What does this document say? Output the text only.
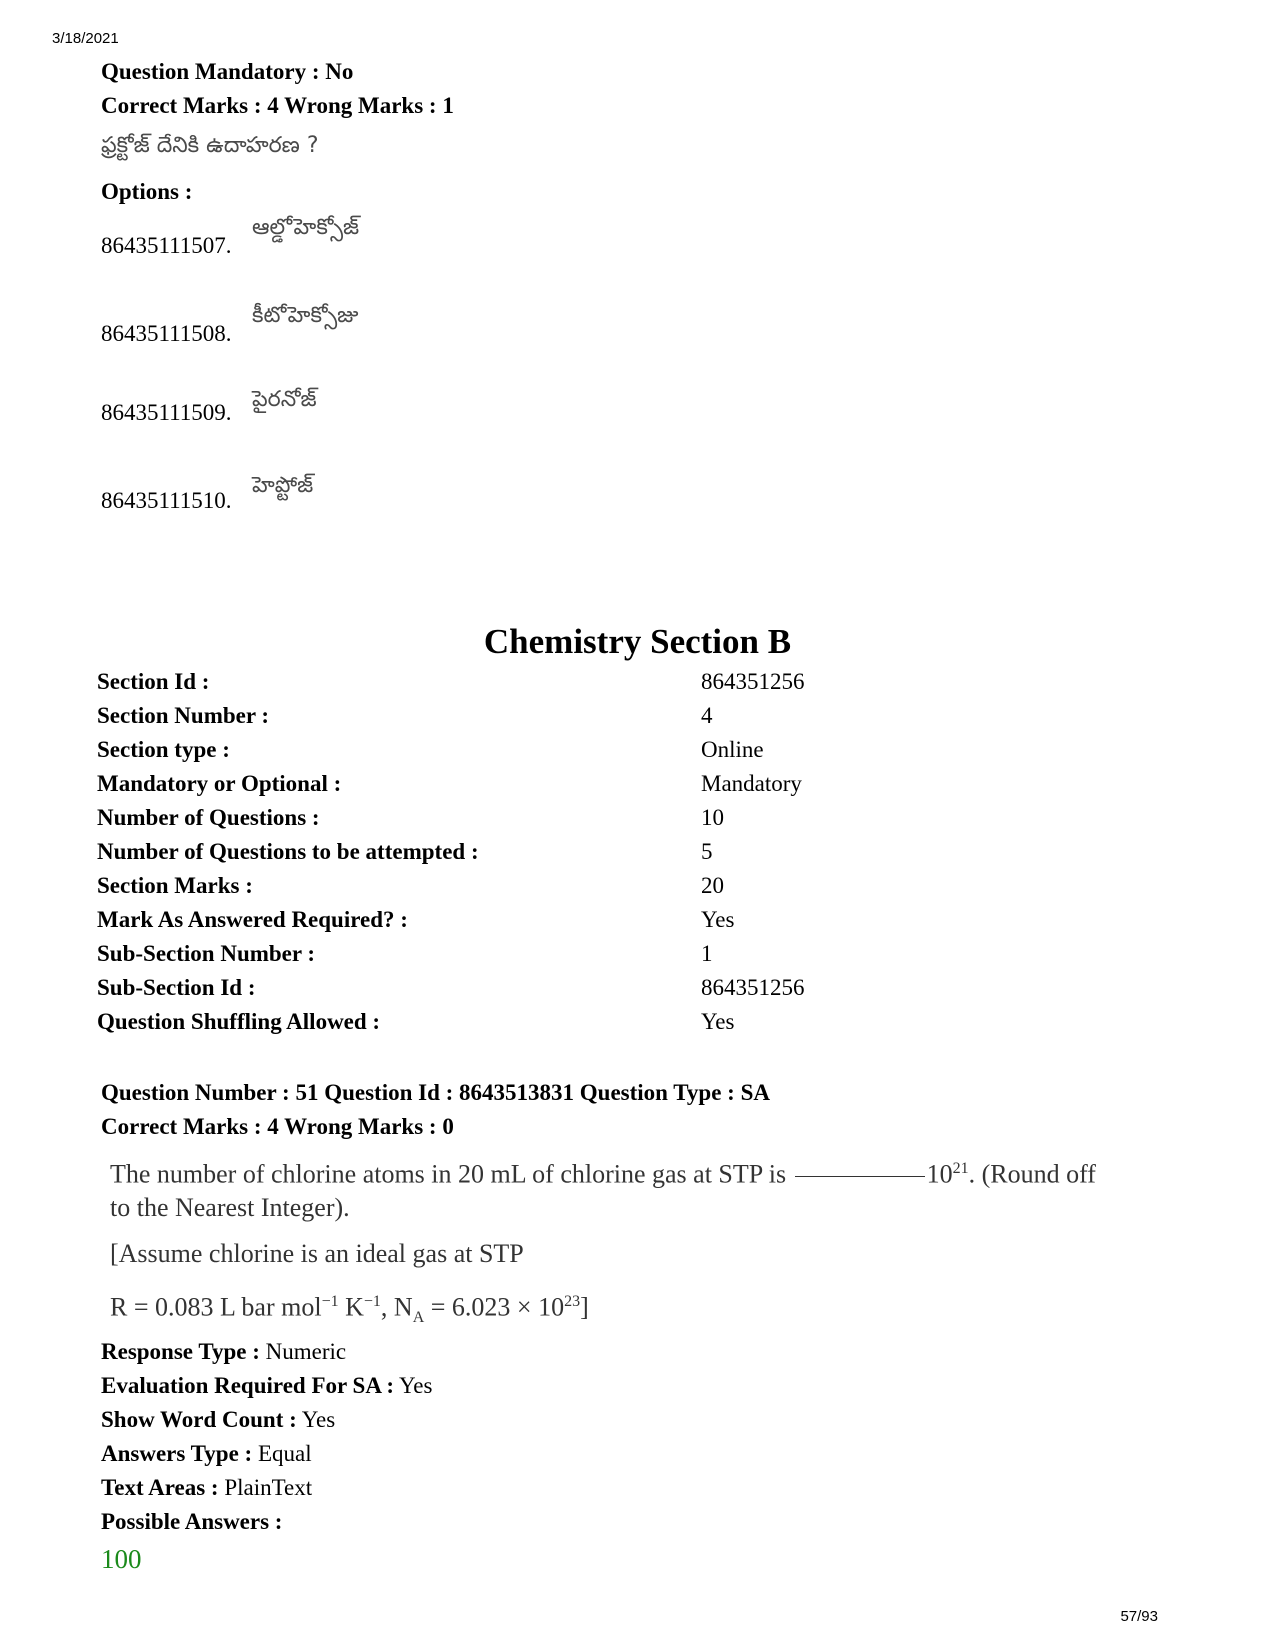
3/18/2021
Question Mandatory : No
Correct Marks : 4 Wrong Marks : 1
ఫ్రక్టోజ్ దేనికి ఉదాహరణ ?
Options :
86435111507.
ఆల్డోహెక్సోజ్
86435111508.
కీటోహెక్సోజు
86435111509.
పైరనోజ్
86435111510.
హెప్టోజ్
Chemistry Section B
Section Id :	864351256
Section Number :	4
Section type :	Online
Mandatory or Optional :	Mandatory
Number of Questions :	10
Number of Questions to be attempted :	5
Section Marks :	20
Mark As Answered Required? :	Yes
Sub-Section Number :	1
Sub-Section Id :	864351256
Question Shuffling Allowed :	Yes
Question Number : 51 Question Id : 8643513831 Question Type : SA
Correct Marks : 4 Wrong Marks : 0
The number of chlorine atoms in 20 mL of chlorine gas at STP is	$10^{21}$. (Round off
to the Nearest Integer).
[Assume chlorine is an ideal gas at STP
R = 0.083 L bar mol$^{-1}$ $K^{-1}$, $N_A = 6.023 \times 10^{23}$]
Response Type : Numeric
Evaluation Required For SA : Yes
Show Word Count : Yes
Answers Type : Equal
Text Areas : PlainText
Possible Answers :
100
57/93
